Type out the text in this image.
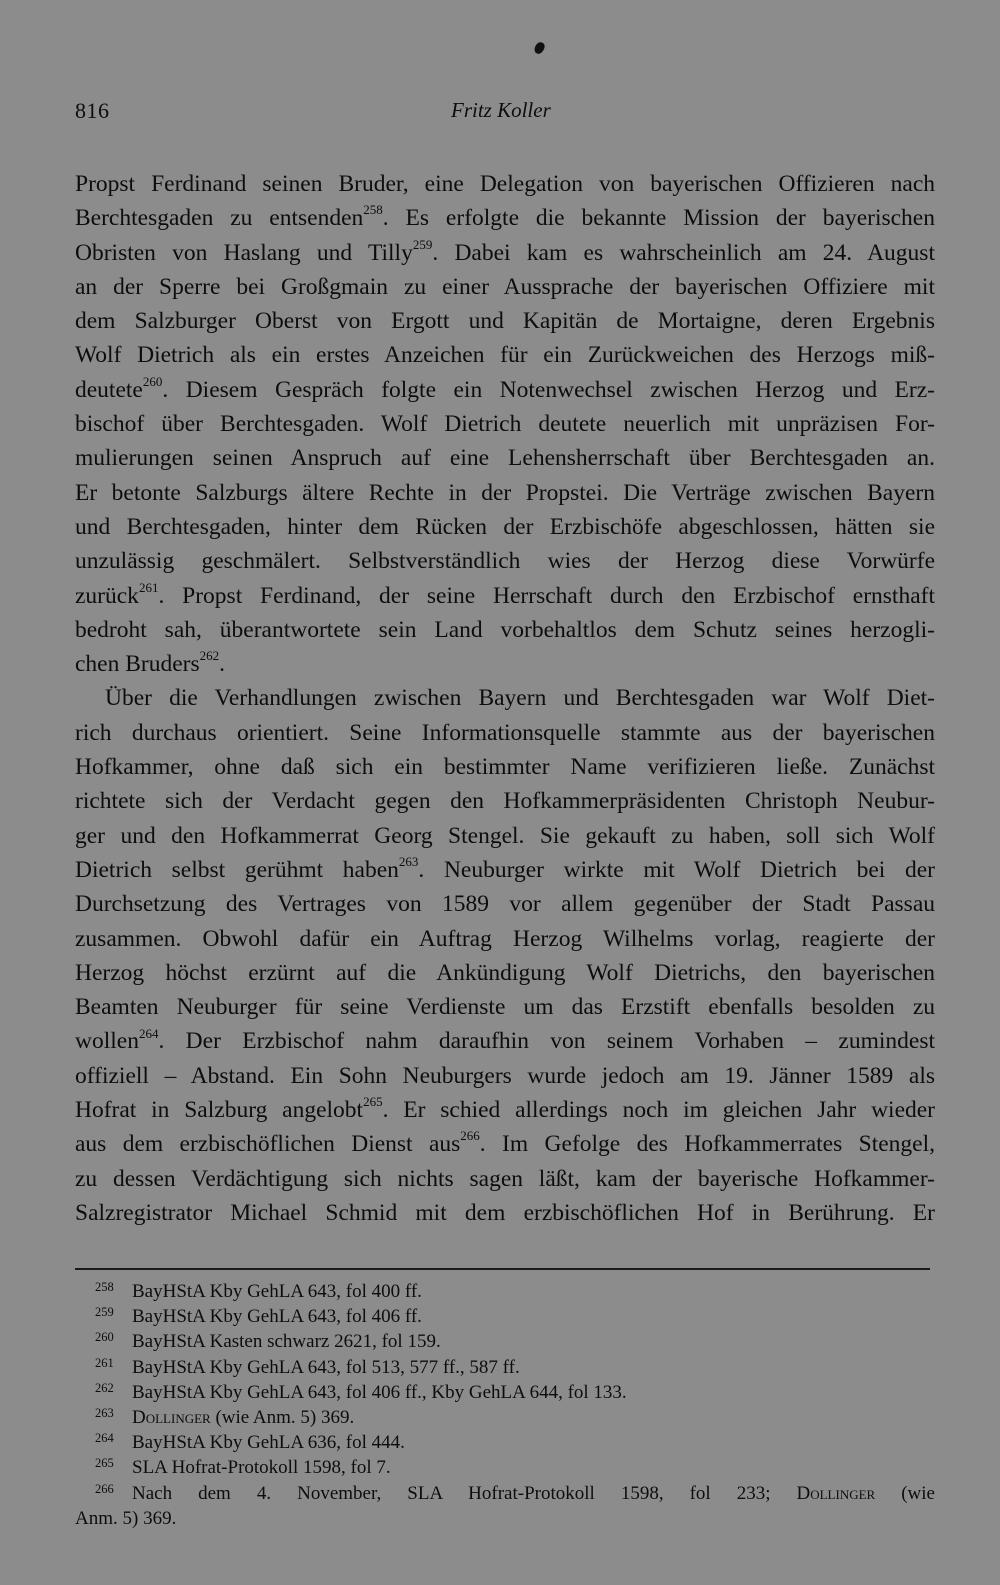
816	Fritz Koller
Propst Ferdinand seinen Bruder, eine Delegation von bayerischen Offizieren nach
Berchtesgaden zu entsenden$^{258}$. Es erfolgte die bekannte Mission der bayerischen
Obristen von Haslang und Tilly$^{259}$. Dabei kam es wahrscheinlich am 24. August
an der Sperre bei Großgmain zu einer Aussprache der bayerischen Offiziere mit
dem Salzburger Oberst von Ergott und Kapitän de Mortaigne, deren Ergebnis
Wolf Dietrich als ein erstes Anzeichen für ein Zurückweichen des Herzogs miß-
deutete$^{260}$. Diesem Gespräch folgte ein Notenwechsel zwischen Herzog und Erz-
bischof über Berchtesgaden. Wolf Dietrich deutete neuerlich mit unpräzisen For-
mulierungen seinen Anspruch auf eine Lehensherrschaft über Berchtesgaden an.
Er betonte Salzburgs ältere Rechte in der Propstei. Die Verträge zwischen Bayern
und Berchtesgaden, hinter dem Rücken der Erzbischöfe abgeschlossen, hätten sie
unzulässig geschmälert. Selbstverständlich wies der Herzog diese Vorwürfe
zurück$^{261}$. Propst Ferdinand, der seine Herrschaft durch den Erzbischof ernsthaft
bedroht sah, überantwortete sein Land vorbehaltlos dem Schutz seines herzogli-
chen Bruders$^{262}$.
Über die Verhandlungen zwischen Bayern und Berchtesgaden war Wolf Diet-
rich durchaus orientiert. Seine Informationsquelle stammte aus der bayerischen
Hofkammer, ohne daß sich ein bestimmter Name verifizieren ließe. Zunächst
richtete sich der Verdacht gegen den Hofkammerpräsidenten Christoph Neubur-
ger und den Hofkammerrat Georg Stengel. Sie gekauft zu haben, soll sich Wolf
Dietrich selbst gerühmt haben$^{263}$. Neuburger wirkte mit Wolf Dietrich bei der
Durchsetzung des Vertrages von 1589 vor allem gegenüber der Stadt Passau
zusammen. Obwohl dafür ein Auftrag Herzog Wilhelms vorlag, reagierte der
Herzog höchst erzürnt auf die Ankündigung Wolf Dietrichs, den bayerischen
Beamten Neuburger für seine Verdienste um das Erzstift ebenfalls besolden zu
wollen$^{264}$. Der Erzbischof nahm daraufhin von seinem Vorhaben – zumindest
offiziell – Abstand. Ein Sohn Neuburgers wurde jedoch am 19. Jänner 1589 als
Hofrat in Salzburg angelobt$^{265}$. Er schied allerdings noch im gleichen Jahr wieder
aus dem erzbischöflichen Dienst aus$^{266}$. Im Gefolge des Hofkammerrates Stengel,
zu dessen Verdächtigung sich nichts sagen läßt, kam der bayerische Hofkammer-
Salzregistrator Michael Schmid mit dem erzbischöflichen Hof in Berührung. Er
258 BayHStA Kby GehLA 643, fol 400 ff.
259 BayHStA Kby GehLA 643, fol 406 ff.
260 BayHStA Kasten schwarz 2621, fol 159.
261 BayHStA Kby GehLA 643, fol 513, 577 ff., 587 ff.
262 BayHStA Kby GehLA 643, fol 406 ff., Kby GehLA 644, fol 133.
263 Dollinger (wie Anm. 5) 369.
264 BayHStA Kby GehLA 636, fol 444.
265 SLA Hofrat-Protokoll 1598, fol 7.
266 Nach dem 4. November, SLA Hofrat-Protokoll 1598, fol 233; Dollinger (wie
Anm. 5) 369.
